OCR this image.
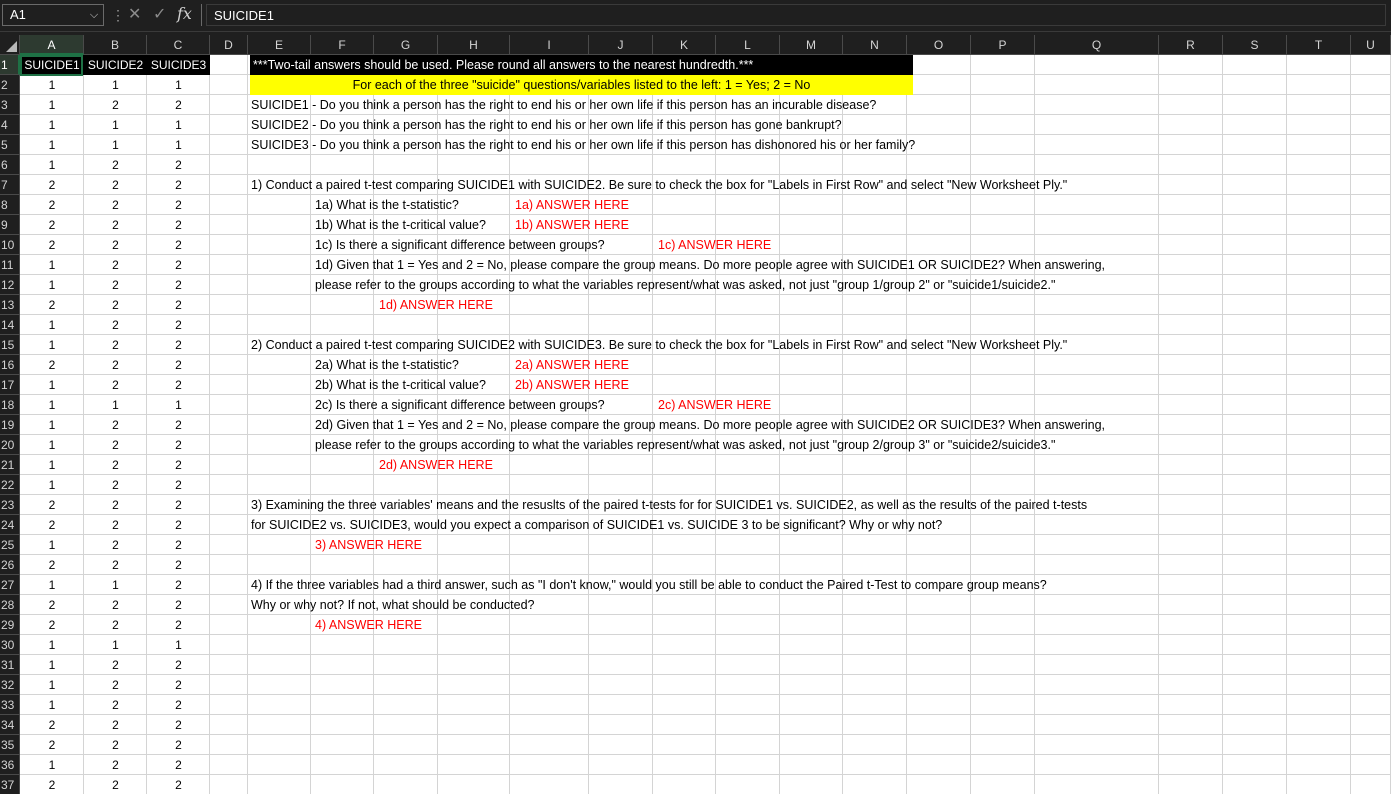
A1	⌵ ⋮ ✕ ✓ fx	SUICIDE1
A	B	C	D	E	F	G	H	I	J	K	L	M	N	O	P	Q	R	S	T	U
1
2
3
4
5
6
7
8
9
10
11
12
13
14
15
16
17
18
19
20
21
22
23
24
25
26
27
28
29
30
31
32
33
34
35
36
37
***Two-tail answers should be used. Please round all answers to the nearest hundredth.***
For each of the three "suicide" questions/variables listed to the left: 1 = Yes; 2 = No
SUICIDE1 - Do you think a person has the right to end his or her own life if this person has an incurable disease?
SUICIDE2 - Do you think a person has the right to end his or her own life if this person has gone bankrupt?
SUICIDE3 - Do you think a person has the right to end his or her own life if this person has dishonored his or her family?
1) Conduct a paired t-test comparing SUICIDE1 with SUICIDE2. Be sure to check the box for "Labels in First Row" and select "New Worksheet Ply."
1a) What is the t-statistic?	1a) ANSWER HERE
1b) What is the t-critical value? 1b) ANSWER HERE
1c) Is there a significant difference between groups?	1c) ANSWER HERE
1d) Given that 1 = Yes and 2 = No, please compare the group means. Do more people agree with SUICIDE1 OR SUICIDE2? When answering,
please refer to the groups according to what the variables represent/what was asked, not just "group 1/group 2" or "suicide1/suicide2."
1d) ANSWER HERE
2) Conduct a paired t-test comparing SUICIDE2 with SUICIDE3. Be sure to check the box for "Labels in First Row" and select "New Worksheet Ply."
2a) What is the t-statistic?	2a) ANSWER HERE
2b) What is the t-critical value? 2b) ANSWER HERE
2c) Is there a significant difference between groups?	2c) ANSWER HERE
2d) Given that 1 = Yes and 2 = No, please compare the group means. Do more people agree with SUICIDE2 OR SUICIDE3? When answering,
please refer to the groups according to what the variables represent/what was asked, not just "group 2/group 3" or "suicide2/suicide3."
2d) ANSWER HERE
3) Examining the three variables' means and the resuslts of the paired t-tests for for SUICIDE1 vs. SUICIDE2, as well as the results of the paired t-tests
for SUICIDE2 vs. SUICIDE3, would you expect a comparison of SUICIDE1 vs. SUICIDE 3 to be significant? Why or why not?
3) ANSWER HERE
4) If the three variables had a third answer, such as "I don't know," would you still be able to conduct the Paired t-Test to compare group means?
Why or why not? If not, what should be conducted?
4) ANSWER HERE
SUICIDE1 SUICIDE2 SUICIDE3
1	1	1
1	2	2
1	1	1
1	1	1
1	2	2
2	2	2
2	2	2
2	2	2
2	2	2
1	2	2
1	2	2
2	2	2
1	2	2
1	2	2
2	2	2
1	2	2
1	1	1
1	2	2
1	2	2
1	2	2
1	2	2
2	2	2
2	2	2
1	2	2
2	2	2
1	1	2
2	2	2
2	2	2
1	1	1
1	2	2
1	2	2
1	2	2
2	2	2
2	2	2
1	2	2
2	2	2
